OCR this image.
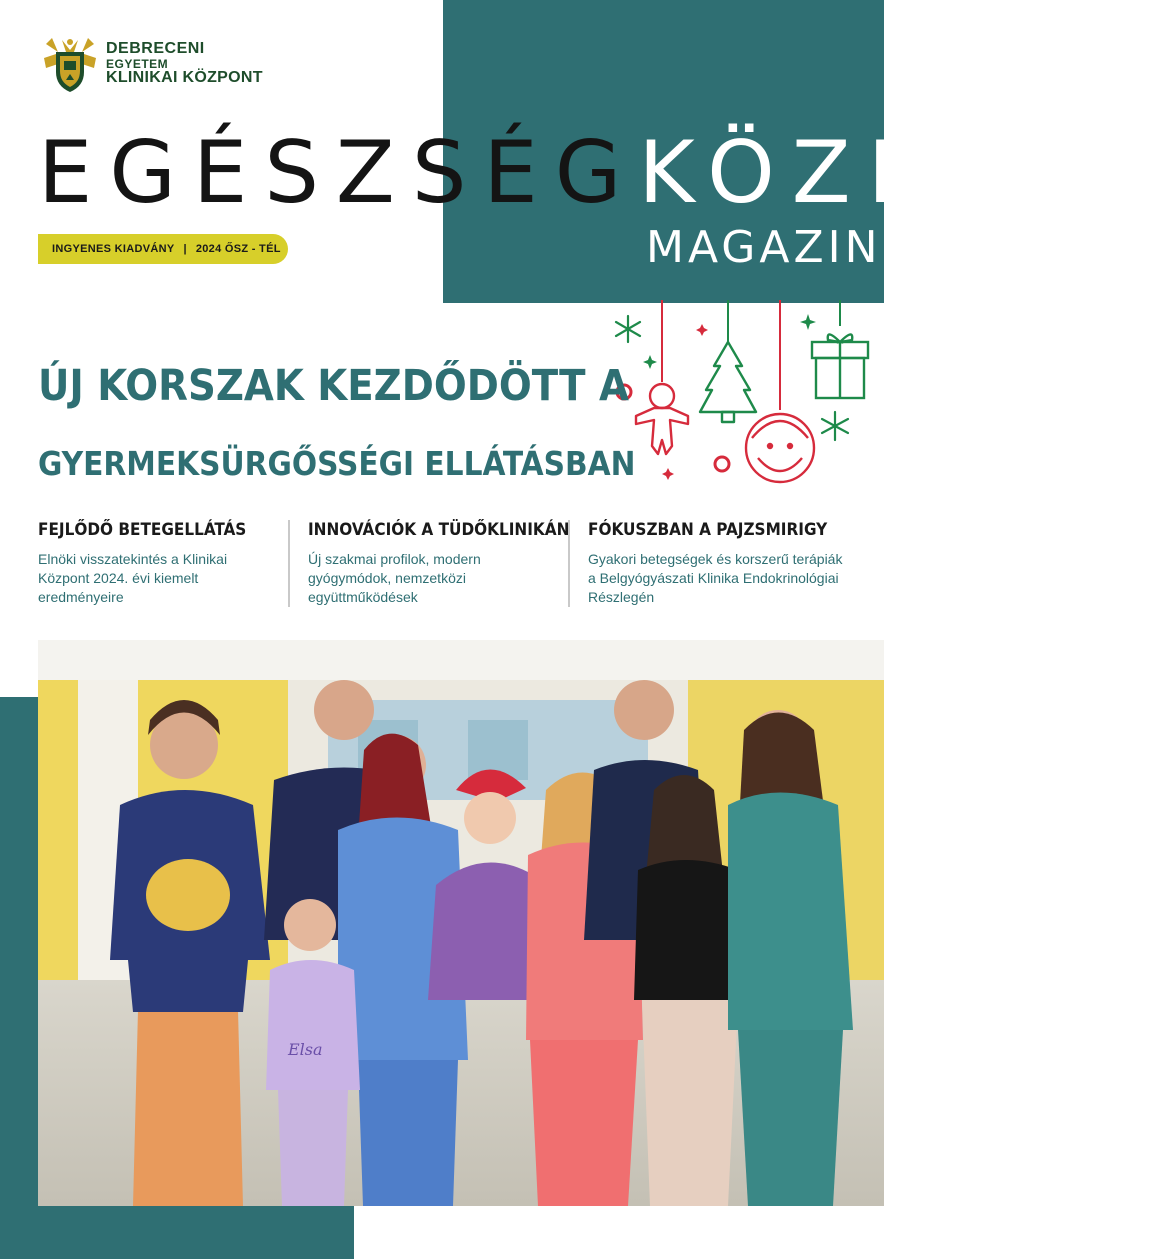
DEBRECENI
EGYETEM
KLINIKAI KÖZPONT
EGÉSZSÉGKÖZPONT
MAGAZIN
INGYENES KIADVÁNY | 2024 ŐSZ - TÉL
ÚJ KORSZAK KEZDŐDÖTT A
GYERMEKSÜRGŐSSÉGI ELLÁTÁSBAN
FEJLŐDŐ BETEGELLÁTÁS
Elnöki visszatekintés a Klinikai Központ 2024. évi kiemelt eredményeire
INNOVÁCIÓK A TÜDŐKLINIKÁN
Új szakmai profilok, modern gyógymódok, nemzetközi együttműködések
FÓKUSZBAN A PAJZSMIRIGY
Gyakori betegségek és korszerű terápiák a Belgyógyászati Klinika Endokrinológiai Részlegén
Elsa
